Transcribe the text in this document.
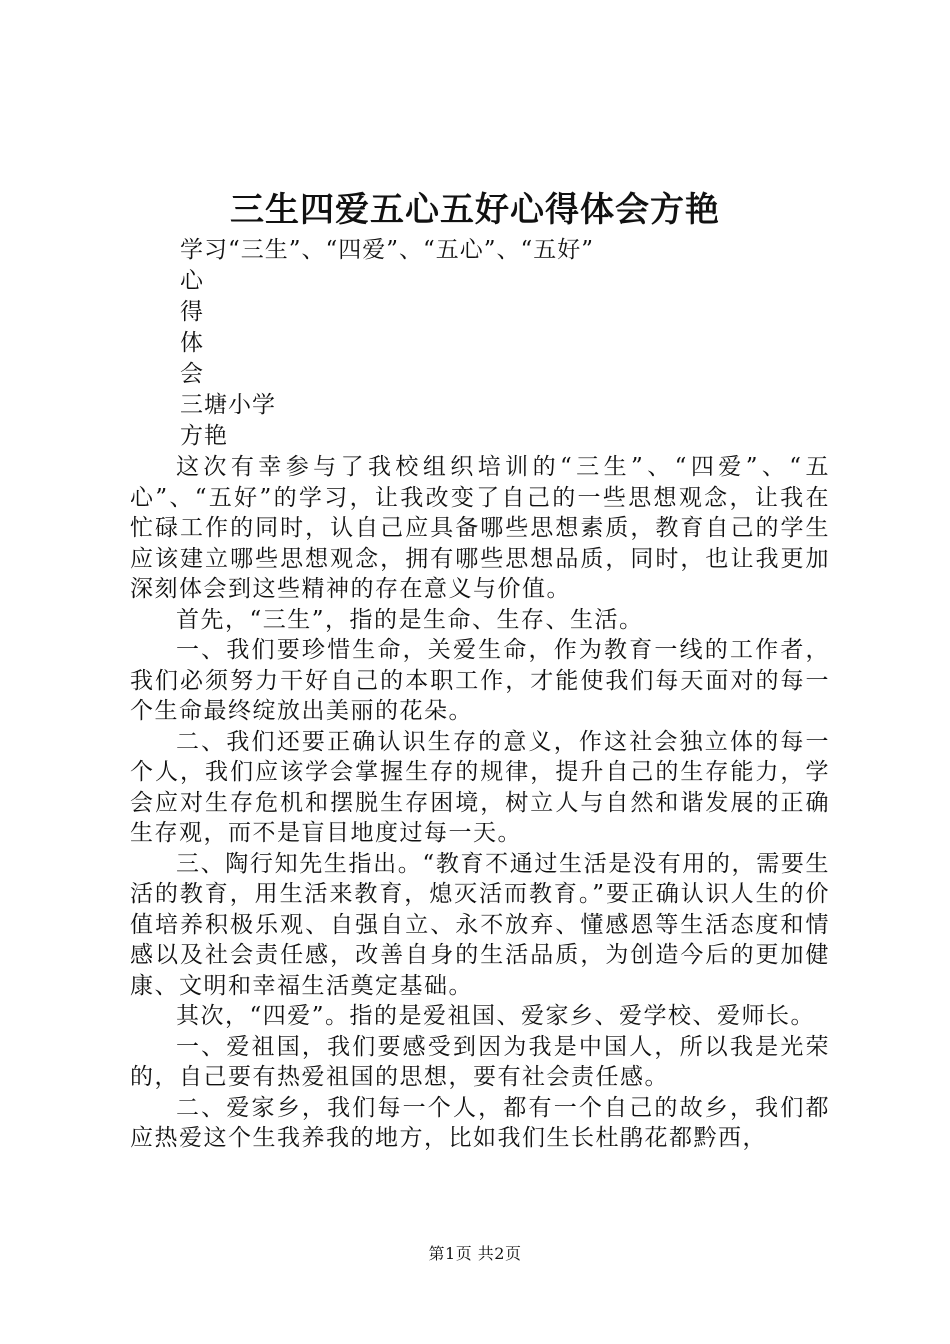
三生四爱五心五好心得体会方艳
学习“三生”、“四爱”、“五心”、“五好”
心
得
体
会
三塘小学
方艳

这次有幸参与了我校组织培训的“三生”、“四爱”、“五心”、“五好”的学习，让我改变了自己的一些思想观念，让我在忙碌工作的同时，认自己应具备哪些思想素质，教育自己的学生应该建立哪些思想观念，拥有哪些思想品质，同时，也让我更加深刻体会到这些精神的存在意义与价值。

首先，“三生”，指的是生命、生存、生活。

一、我们要珍惜生命，关爱生命，作为教育一线的工作者，我们必须努力干好自己的本职工作，才能使我们每天面对的每一个生命最终绽放出美丽的花朵。

二、我们还要正确认识生存的意义，作这社会独立体的每一个人，我们应该学会掌握生存的规律，提升自己的生存能力，学会应对生存危机和摆脱生存困境，树立人与自然和谐发展的正确生存观，而不是盲目地度过每一天。

三、陶行知先生指出。“教育不通过生活是没有用的，需要生活的教育，用生活来教育，熄灭活而教育。”要正确认识人生的价值培养积极乐观、自强自立、永不放弃、懂感恩等生活态度和情感以及社会责任感，改善自身的生活品质，为创造今后的更加健康、文明和幸福生活奠定基础。

其次，“四爱”。指的是爱祖国、爱家乡、爱学校、爱师长。

一、爱祖国，我们要感受到因为我是中国人，所以我是光荣的，自己要有热爱祖国的思想，要有社会责任感。

二、爱家乡，我们每一个人，都有一个自己的故乡，我们都应热爱这个生我养我的地方，比如我们生长杜鹃花都黔西，

第1页 共2页
